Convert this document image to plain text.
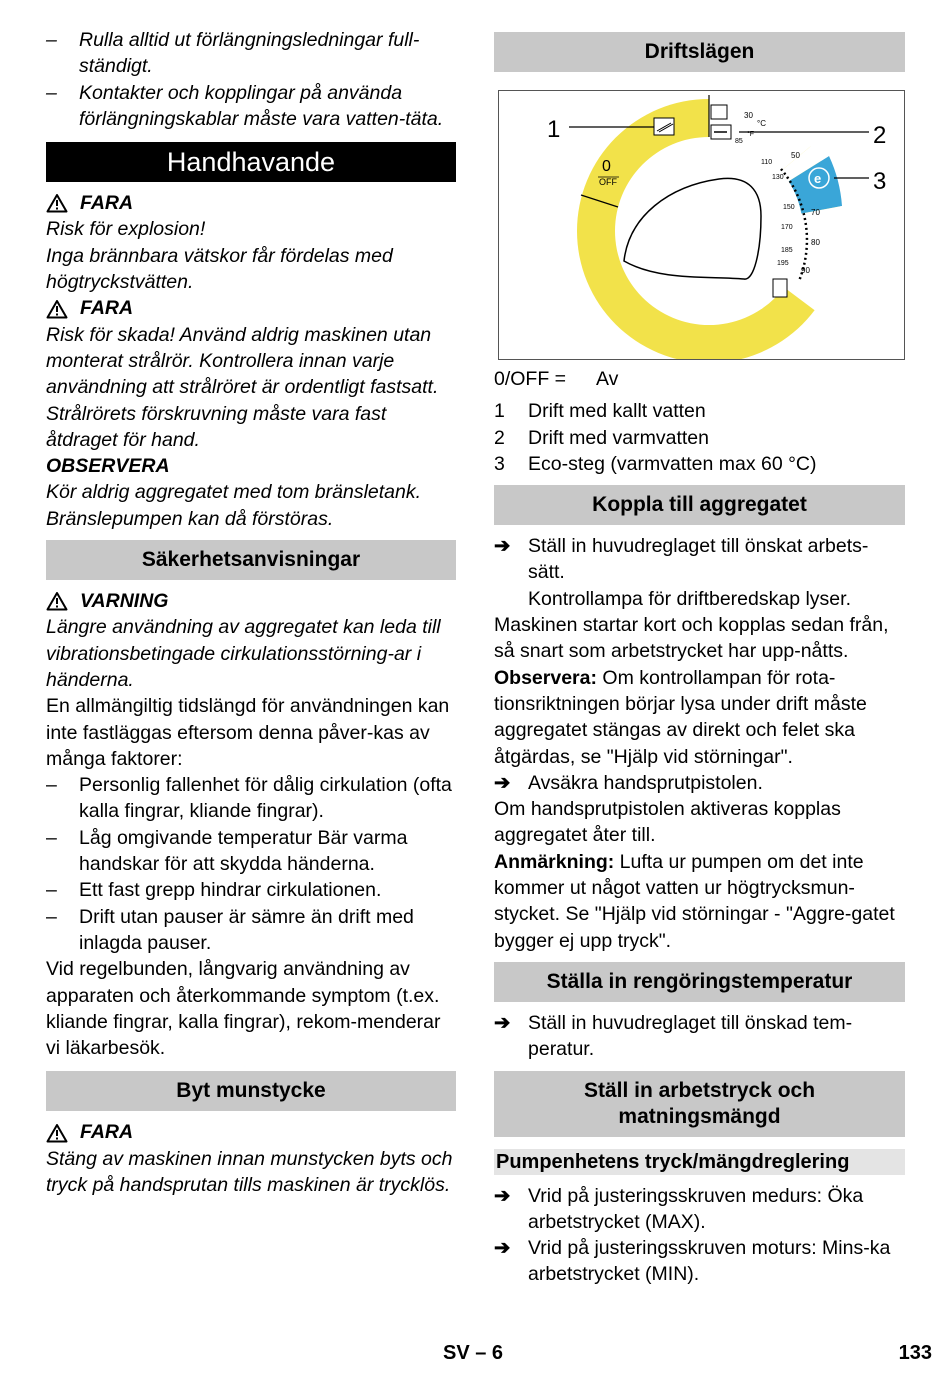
–	Rulla alltid ut förlängningsledningar full-ständigt.
–	Kontakter och kopplingar på använda förlängningskablar måste vara vatten-täta.
Handhavande
FARA

Risk för explosion!

Inga brännbara vätskor får fördelas med högtryckstvätten.

FARA

Risk för skada! Använd aldrig maskinen utan monterat strålrör. Kontrollera innan varje användning att strålröret är ordentligt fastsatt. Strålrörets förskruvning måste vara fast åtdraget för hand.

OBSERVERA

Kör aldrig aggregatet med tom bränsletank. Bränslepumpen kan då förstöras.

Säkerhetsanvisningar
VARNING

Längre användning av aggregatet kan leda till vibrationsbetingade cirkulationsstörning-ar i händerna.

En allmängiltig tidslängd för användningen kan inte fastläggas eftersom denna påver-kas av många faktorer:

–	Personlig fallenhet för dålig cirkulation (ofta kalla fingrar, kliande fingrar).
–	Låg omgivande temperatur Bär varma handskar för att skydda händerna.
–	Ett fast grepp hindrar cirkulationen.
–	Drift utan pauser är sämre än drift med inlagda pauser.

Vid regelbunden, långvarig användning av apparaten och återkommande symptom (t.ex. kliande fingrar, kalla fingrar), rekom-menderar vi läkarbesök.

Byt munstycke
FARA

Stäng av maskinen innan munstycken byts och tryck på handsprutan tills maskinen är trycklös.

Driftslägen
1	2
3
0
OFF
30
°C
°F
85
110
50
130 e
150
70
170
185
80
195
90
0/OFF =	Av
1	Drift med kallt vatten
2	Drift med varmvatten
3	Eco-steg (varmvatten max 60 °C)
Koppla till aggregatet
➔ Ställ in huvudreglaget till önskat arbets-sätt.
Kontrollampa för driftberedskap lyser.

Maskinen startar kort och kopplas sedan från, så snart som arbetstrycket har upp-nåtts.

Observera: Om kontrollampan för rota-tionsriktningen börjar lysa under drift måste aggregatet stängas av direkt och felet ska åtgärdas, se "Hjälp vid störningar".

➔ Avsäkra handsprutpistolen.

Om handsprutpistolen aktiveras kopplas aggregatet åter till.

Anmärkning: Lufta ur pumpen om det inte kommer ut något vatten ur högtrycksmun-stycket. Se "Hjälp vid störningar - "Aggre-gatet bygger ej upp tryck".

Ställa in rengöringstemperatur
➔ Ställ in huvudreglaget till önskad tem-peratur.
Ställ in arbetstryck och
matningsmängd
Pumpenhetens tryck/mängdreglering
➔ Vrid på justeringsskruven medurs: Öka arbetstrycket (MAX).
➔ Vrid på justeringsskruven moturs: Mins-ka arbetstrycket (MIN).
SV – 6	133
